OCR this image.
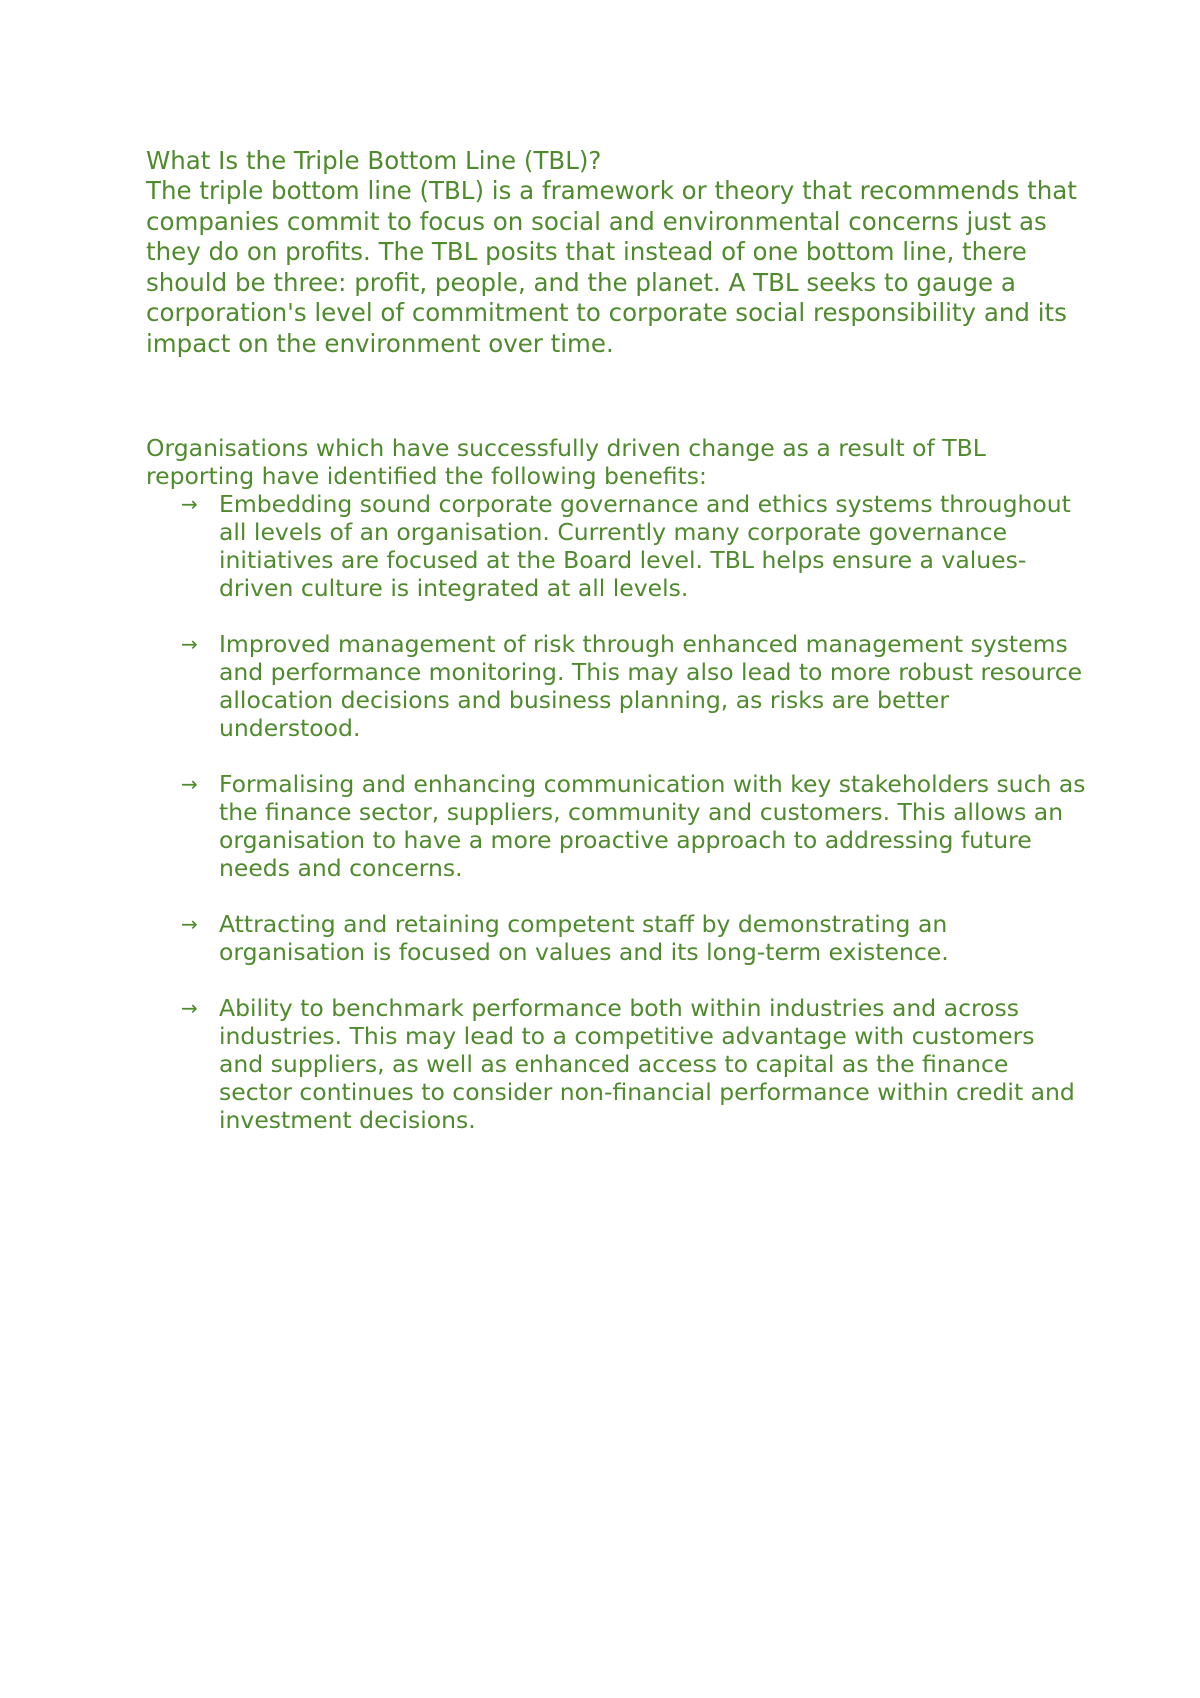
What Is the Triple Bottom Line (TBL)?

The triple bottom line (TBL) is a framework or theory that recommends that companies commit to focus on social and environmental concerns just as they do on profits. The TBL posits that instead of one bottom line, there should be three: profit, people, and the planet. A TBL seeks to gauge a corporation's level of commitment to corporate social responsibility and its impact on the environment over time.

Organisations which have successfully driven change as a result of TBL reporting have identified the following benefits:

→ Embedding sound corporate governance and ethics systems throughout all levels of an organisation. Currently many corporate governance initiatives are focused at the Board level. TBL helps ensure a values-driven culture is integrated at all levels.
→ Improved management of risk through enhanced management systems and performance monitoring. This may also lead to more robust resource allocation decisions and business planning, as risks are better understood.
→ Formalising and enhancing communication with key stakeholders such as the finance sector, suppliers, community and customers. This allows an organisation to have a more proactive approach to addressing future needs and concerns.
→ Attracting and retaining competent staff by demonstrating an organisation is focused on values and its long-term existence.
→ Ability to benchmark performance both within industries and across industries. This may lead to a competitive advantage with customers and suppliers, as well as enhanced access to capital as the finance sector continues to consider non-financial performance within credit and investment decisions.
